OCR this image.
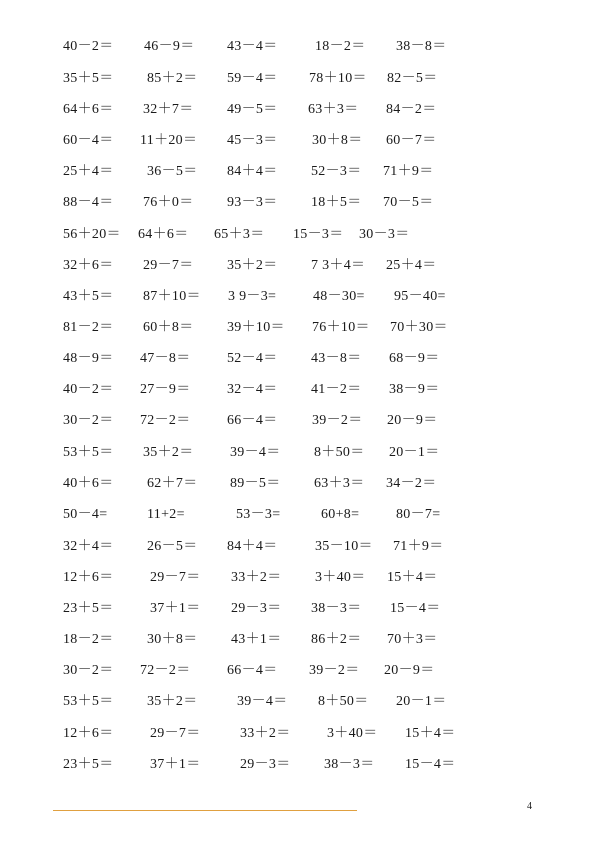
40－2＝ 46－9＝ 43－4＝	18－2＝ 38－8＝
35＋5＝ 85＋2＝ 59－4＝ 78＋10＝ 82－5＝
64＋6＝ 32＋7＝ 49－5＝ 63＋3＝ 84－2＝
60－4＝ 11＋20＝ 45－3＝ 30＋8＝ 60－7＝
25＋4＝ 36－5＝ 84＋4＝ 52－3＝ 71＋9＝
88－4＝ 76＋0＝ 93－3＝ 18＋5＝ 70－5＝
56＋20＝ 64＋6＝ 65＋3＝ 15－3＝ 30－3＝
32＋6＝ 29－7＝ 35＋2＝ 7 3＋4＝ 25＋4＝
43＋5＝ 87＋10＝ 3 9－3=	48－30= 95－40=
81－2＝ 60＋8＝ 39＋10＝ 76＋10＝ 70＋30＝
48－9＝ 47－8＝	52－4＝ 43－8＝ 68－9＝
40－2＝ 27－9＝	32－4＝ 41－2＝ 38－9＝
30－2＝ 72－2＝	66－4＝ 39－2＝ 20－9＝
53＋5＝ 35＋2＝	39－4＝ 8＋50＝ 20－1＝
40＋6＝ 62＋7＝ 89－5＝ 63＋3＝ 34－2＝
50－4=	11+2=	53－3=	60+8=	80－7=
32＋4＝ 26－5＝ 84＋4＝	35－10＝ 71＋9＝
12＋6＝	29－7＝ 33＋2＝ 3＋40＝ 15＋4＝
23＋5＝	37＋1＝ 29－3＝ 38－3＝ 15－4＝
18－2＝ 30＋8＝ 43＋1＝ 86＋2＝ 70＋3＝
30－2＝ 72－2＝	66－4＝ 39－2＝ 20－9＝
53＋5＝ 35＋2＝	39－4＝ 8＋50＝ 20－1＝
12＋6＝	29－7＝	33＋2＝	3＋40＝ 15＋4＝
23＋5＝	37＋1＝	29－3＝ 38－3＝ 15－4＝
4
